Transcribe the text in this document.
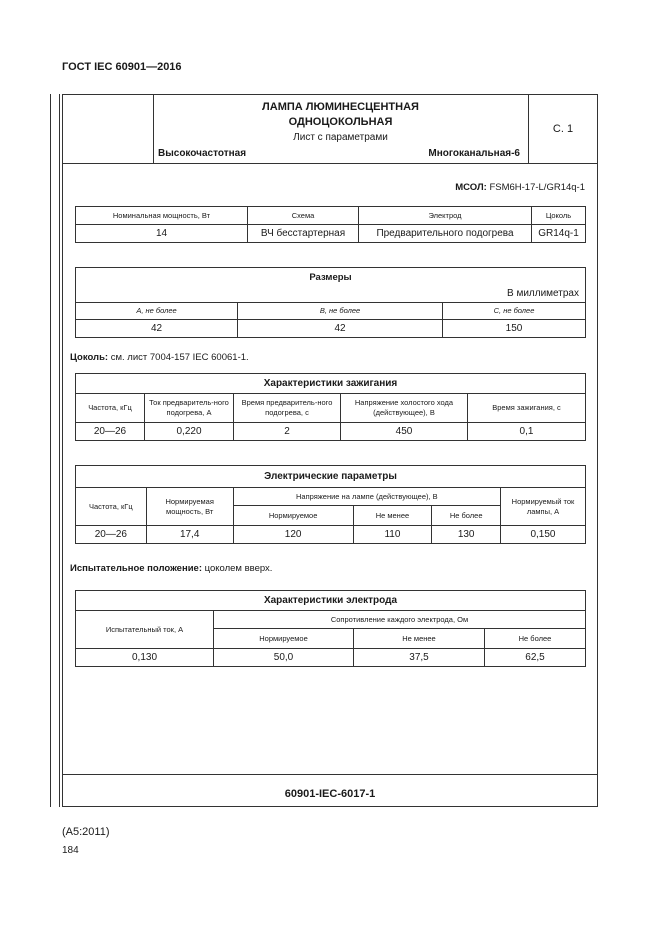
ГОСТ IEC 60901—2016
ЛАМПА ЛЮМИНЕСЦЕНТНАЯ
ОДНОЦОКОЛЬНАЯ
Лист с параметрами
Высокочастотная	Многоканальная-6
С. 1
МСОЛ: FSM6H-17-L/GR14q-1
Номинальная мощность, Вт	Схема	Электрод	Цоколь
14	ВЧ бесстартерная	Предварительного подогрева	GR14q-1
Размеры
В миллиметрах		

А, не более	В, не более	С, не более
42	42	150
Цоколь: см. лист 7004-157 IEC 60061-1.
Характеристики зажигания				
Частота, кГц	Ток предваритель-ного подогрева, А	Время предваритель-ного подогрева, с	Напряжение холостого хода (действующее), В	Время зажигания, с
20—26	0,220	2	450	0,1
Электрические параметры					
Частота, кГц	Нормируемая мощность, Вт	Напряжение на лампе (действующее), В			Нормируемый ток лампы, А
		Нормируемое	Не менее	Не более	
20—26	17,4	120	110	130	0,150
Испытательное положение: цоколем вверх.
Характеристики электрода			
Испытательный ток, А	Сопротивление каждого электрода, Ом		
	Нормируемое	Не менее	Не более
0,130	50,0	37,5	62,5
60901-IEC-6017-1
(А5:2011)
184
